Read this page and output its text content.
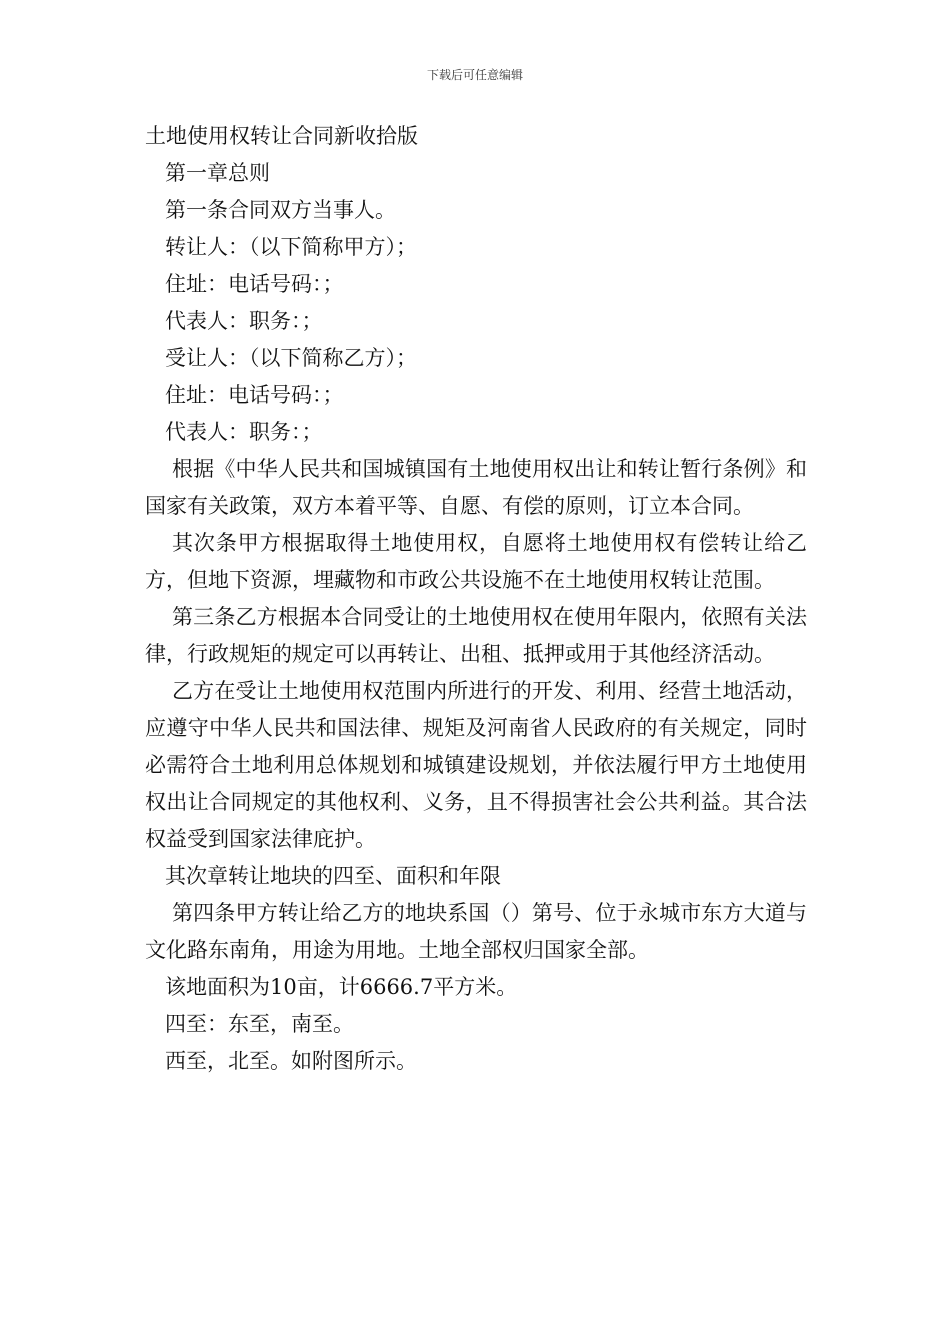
下载后可任意编辑

土地使用权转让合同新收拾版

第一章总则

第一条合同双方当事人。

转让人：（以下简称甲方）；

住址：电话号码：；

代表人：职务：；

受让人：（以下简称乙方）；

住址：电话号码：；

代表人：职务：；

根据《中华人民共和国城镇国有土地使用权出让和转让暂行条例》和国家有关政策，双方本着平等、自愿、有偿的原则，订立本合同。

其次条甲方根据取得土地使用权，自愿将土地使用权有偿转让给乙方，但地下资源，埋藏物和市政公共设施不在土地使用权转让范围。

第三条乙方根据本合同受让的土地使用权在使用年限内，依照有关法律，行政规矩的规定可以再转让、出租、抵押或用于其他经济活动。

乙方在受让土地使用权范围内所进行的开发、利用、经营土地活动，应遵守中华人民共和国法律、规矩及河南省人民政府的有关规定，同时必需符合土地利用总体规划和城镇建设规划，并依法履行甲方土地使用权出让合同规定的其他权利、义务，且不得损害社会公共利益。其合法权益受到国家法律庇护。

其次章转让地块的四至、面积和年限

第四条甲方转让给乙方的地块系国（）第号、位于永城市东方大道与文化路东南角，用途为用地。土地全部权归国家全部。

该地面积为10亩，计6666.7平方米。

四至：东至，南至。

西至，北至。如附图所示。
